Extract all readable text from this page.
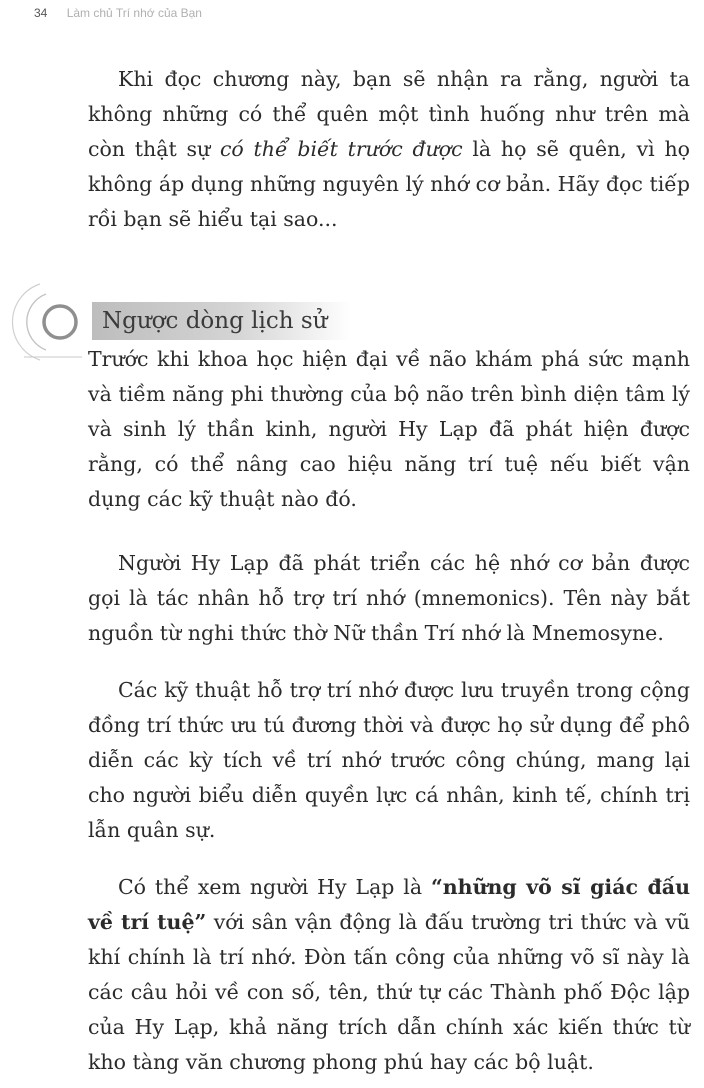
34 Làm chủ Trí nhớ của Bạn

Khi đọc chương này, bạn sẽ nhận ra rằng, người ta không những có thể quên một tình huống như trên mà còn thật sự có thể biết trước được là họ sẽ quên, vì họ không áp dụng những nguyên lý nhớ cơ bản. Hãy đọc tiếp rồi bạn sẽ hiểu tại sao...

Ngược dòng lịch sử

Trước khi khoa học hiện đại về não khám phá sức mạnh và tiềm năng phi thường của bộ não trên bình diện tâm lý và sinh lý thần kinh, người Hy Lạp đã phát hiện được rằng, có thể nâng cao hiệu năng trí tuệ nếu biết vận dụng các kỹ thuật nào đó.

Người Hy Lạp đã phát triển các hệ nhớ cơ bản được gọi là tác nhân hỗ trợ trí nhớ (mnemonics). Tên này bắt nguồn từ nghi thức thờ Nữ thần Trí nhớ là Mnemosyne.

Các kỹ thuật hỗ trợ trí nhớ được lưu truyền trong cộng đồng trí thức ưu tú đương thời và được họ sử dụng để phô diễn các kỳ tích về trí nhớ trước công chúng, mang lại cho người biểu diễn quyền lực cá nhân, kinh tế, chính trị lẫn quân sự.

Có thể xem người Hy Lạp là “những võ sĩ giác đấu về trí tuệ” với sân vận động là đấu trường tri thức và vũ khí chính là trí nhớ. Đòn tấn công của những võ sĩ này là các câu hỏi về con số, tên, thứ tự các Thành phố Độc lập của Hy Lạp, khả năng trích dẫn chính xác kiến thức từ kho tàng văn chương phong phú hay các bộ luật.
